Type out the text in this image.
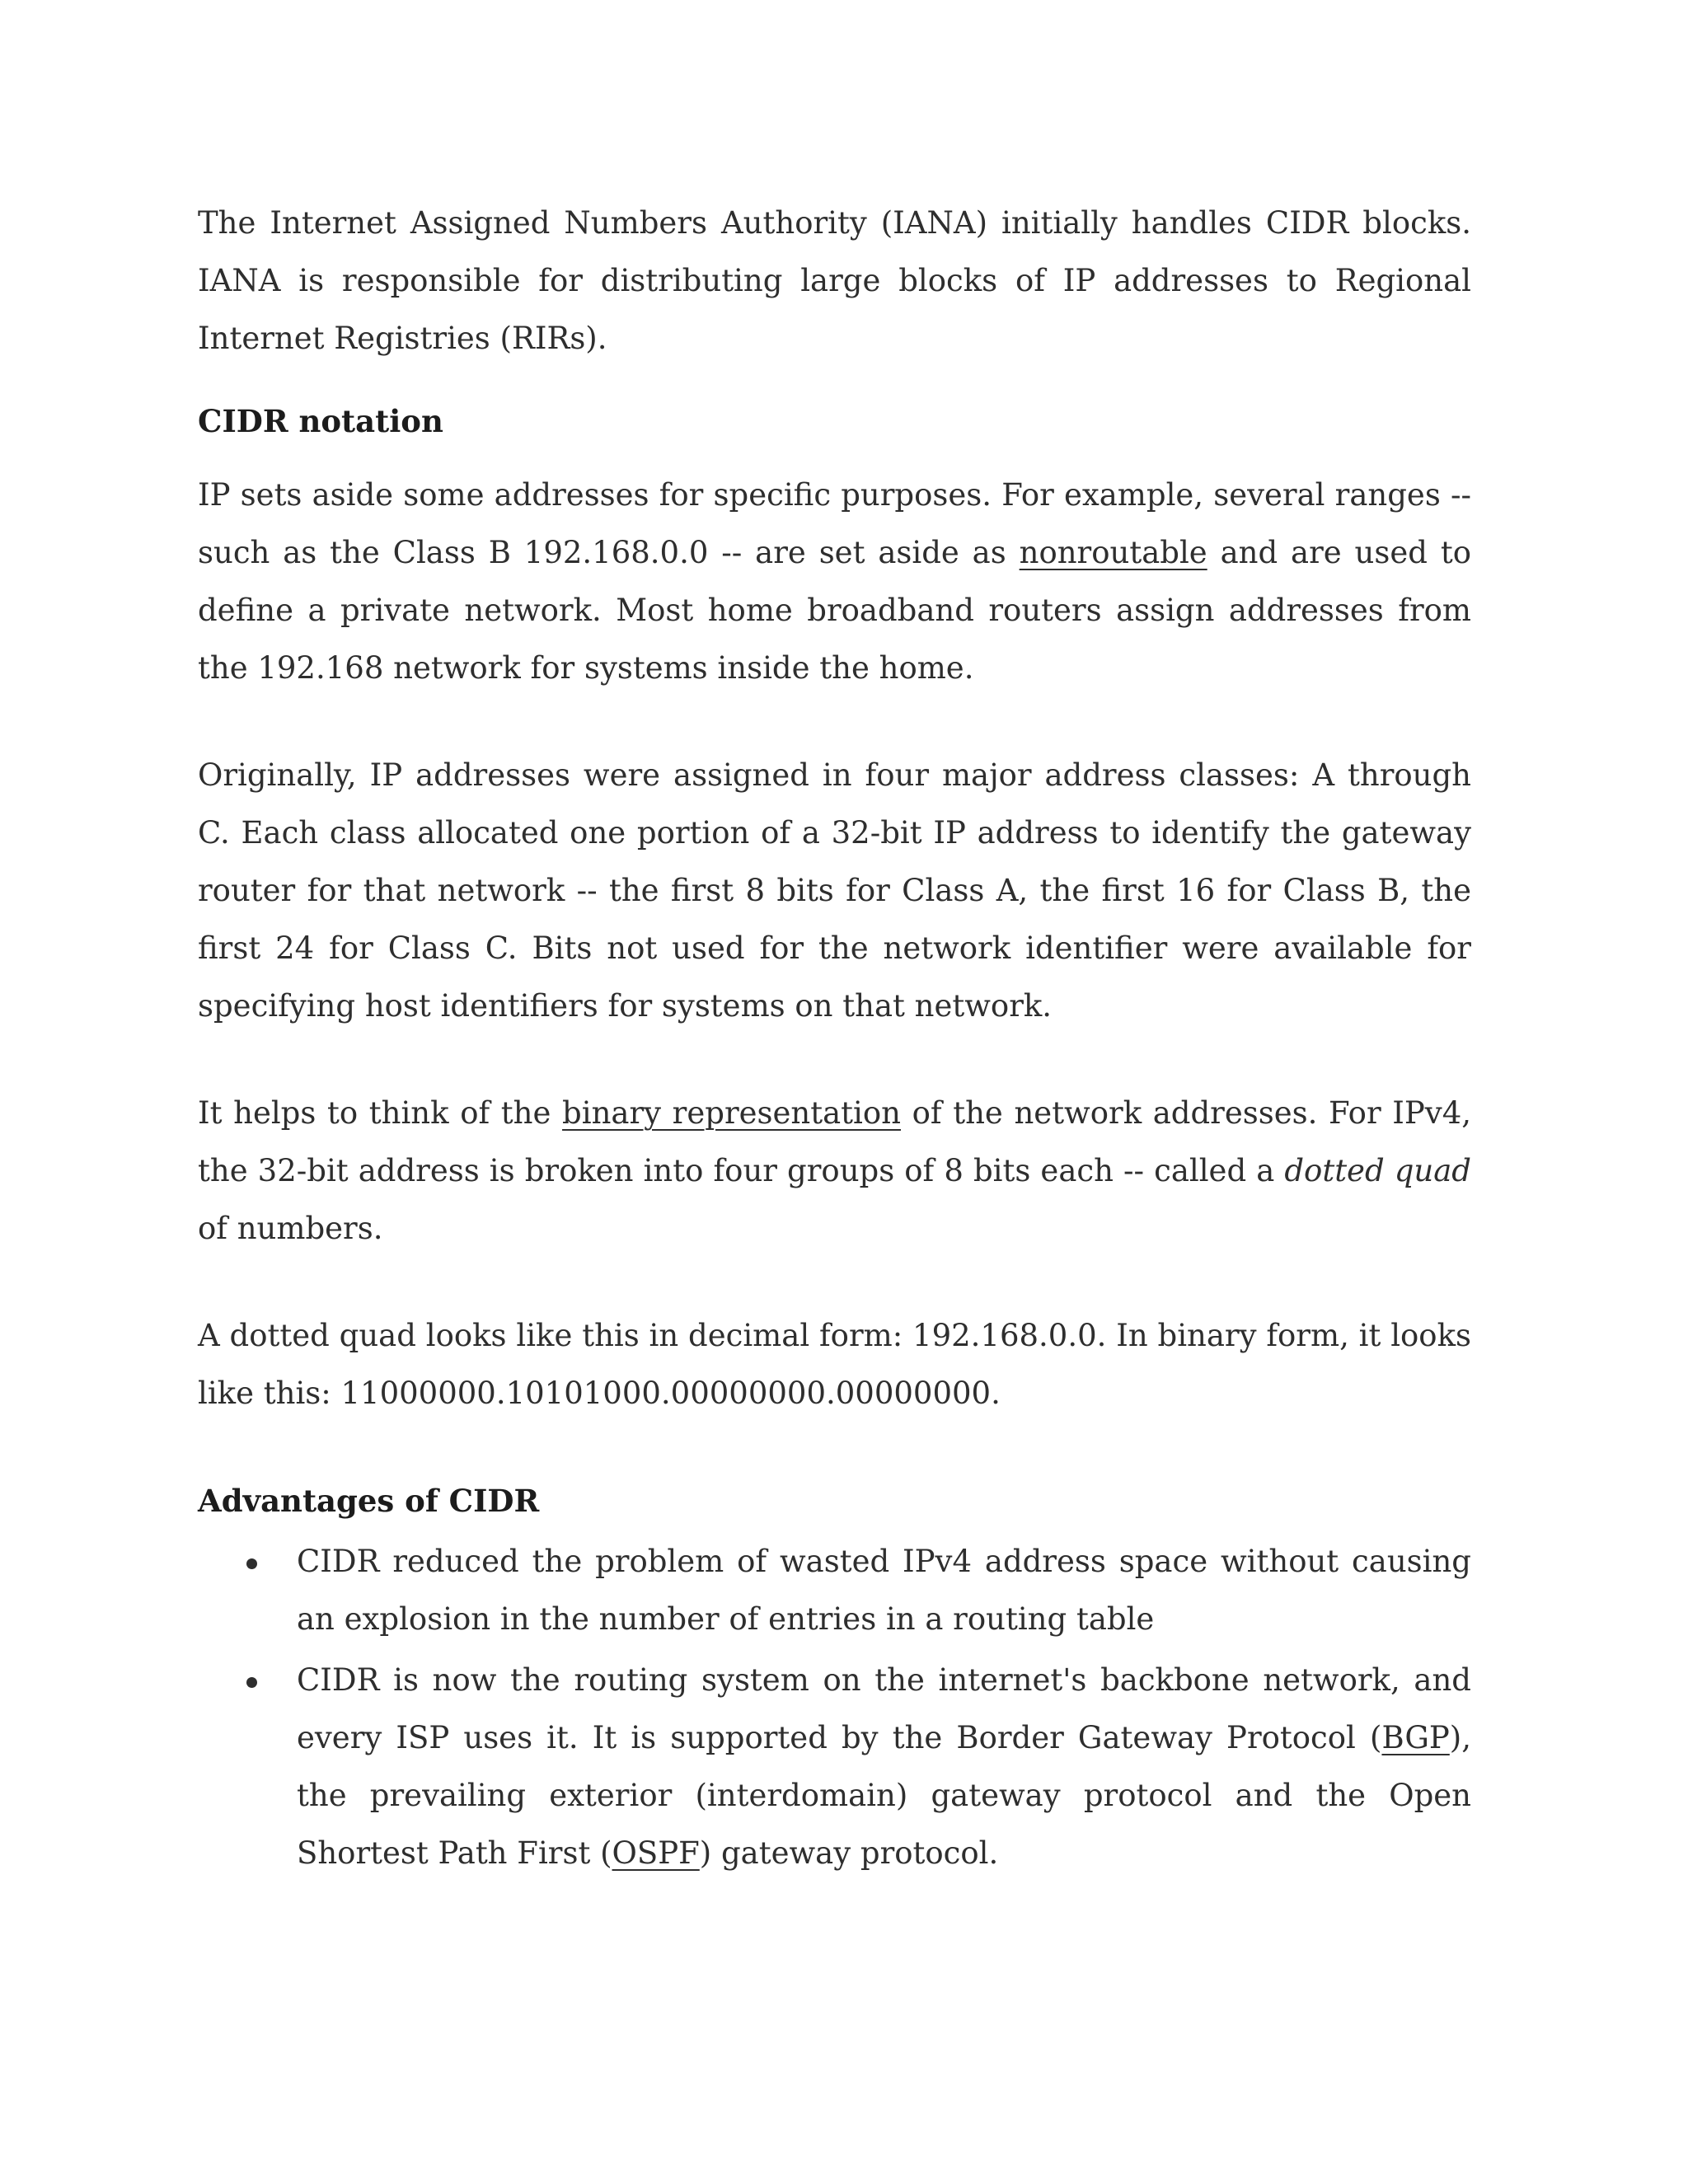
The Internet Assigned Numbers Authority (IANA) initially handles CIDR blocks. IANA is responsible for distributing large blocks of IP addresses to Regional Internet Registries (RIRs).

CIDR notation

IP sets aside some addresses for specific purposes. For example, several ranges -- such as the Class B 192.168.0.0 -- are set aside as nonroutable and are used to define a private network. Most home broadband routers assign addresses from the 192.168 network for systems inside the home.

Originally, IP addresses were assigned in four major address classes: A through C. Each class allocated one portion of a 32-bit IP address to identify the gateway router for that network -- the first 8 bits for Class A, the first 16 for Class B, the first 24 for Class C. Bits not used for the network identifier were available for specifying host identifiers for systems on that network.

It helps to think of the binary representation of the network addresses. For IPv4, the 32-bit address is broken into four groups of 8 bits each -- called a dotted quad of numbers.

A dotted quad looks like this in decimal form: 192.168.0.0. In binary form, it looks like this: 11000000.10101000.00000000.00000000.

Advantages of CIDR

CIDR reduced the problem of wasted IPv4 address space without causing an explosion in the number of entries in a routing table
CIDR is now the routing system on the internet's backbone network, and every ISP uses it. It is supported by the Border Gateway Protocol (BGP), the prevailing exterior (interdomain) gateway protocol and the Open Shortest Path First (OSPF) gateway protocol.
